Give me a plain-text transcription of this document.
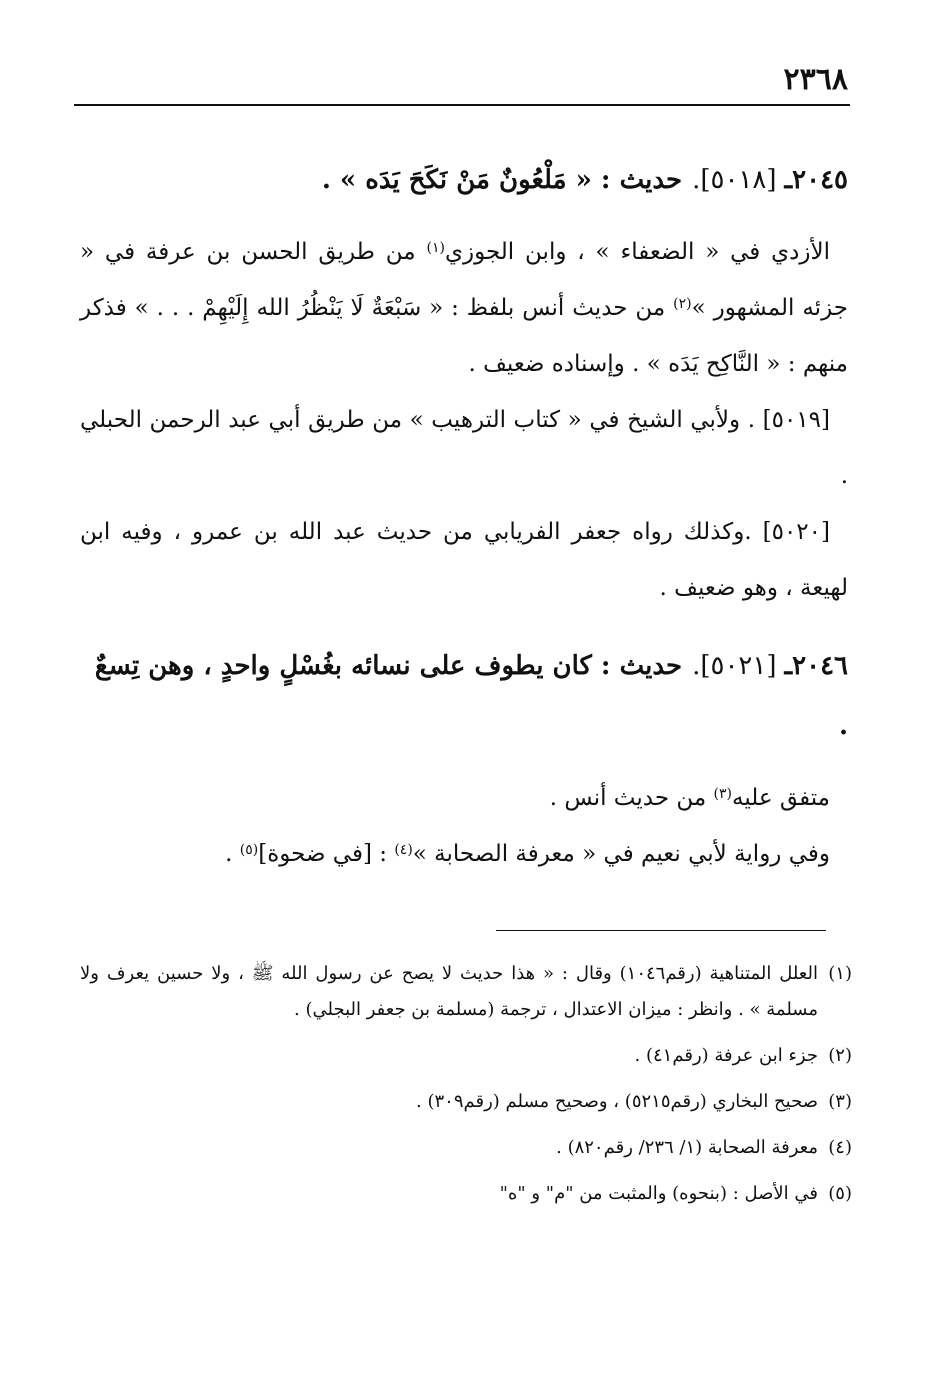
٢٣٦٨

٢٠٤٥ـ[٥٠١٨].حديث : « مَلْعُونٌ مَنْ نَكَحَ يَدَه » .

الأزدي في « الضعفاء » ، وابن الجوزي$^{(١)}$ من طريق الحسن بن عرفة في « جزئه المشهور »$^{(٢)}$ من حديث أنس بلفظ : « سَبْعَةٌ لَا يَنْظُرُ الله إِلَيْهِمْ . . . » فذكر منهم : « النَّاكِح يَدَه » . وإسناده ضعيف .

[٥٠١٩] . ولأبي الشيخ في « كتاب الترهيب » من طريق أبي عبد الرحمن الحبلي .

[٥٠٢٠] .وكذلك رواه جعفر الفريابي من حديث عبد الله بن عمرو ، وفيه ابن لهيعة ، وهو ضعيف .

٢٠٤٦ـ[٥٠٢١].حديث : كان يطوف على نسائه بغُسْلٍ واحدٍ ، وهن تِسعٌ .

متفق عليه$^{(٣)}$ من حديث أنس .

وفي رواية لأبي نعيم في « معرفة الصحابة »$^{(٤)}$ : [في ضحوة]$^{(٥)}$ .

(١)
العلل المتناهية (رقم١٠٤٦) وقال : « هذا حديث لا يصح عن رسول الله ﷺ ، ولا حسين يعرف ولا مسلمة » . وانظر : ميزان الاعتدال ، ترجمة (مسلمة بن جعفر البجلي) .
(٢)
جزء ابن عرفة (رقم٤١) .
(٣)
صحيح البخاري (رقم٥٢١٥) ، وصحيح مسلم (رقم٣٠٩) .
(٤)
معرفة الصحابة (١/ ٢٣٦/ رقم٨٢٠) .
(٥)
في الأصل : (بنحوه) والمثبت من "م" و "ه"
